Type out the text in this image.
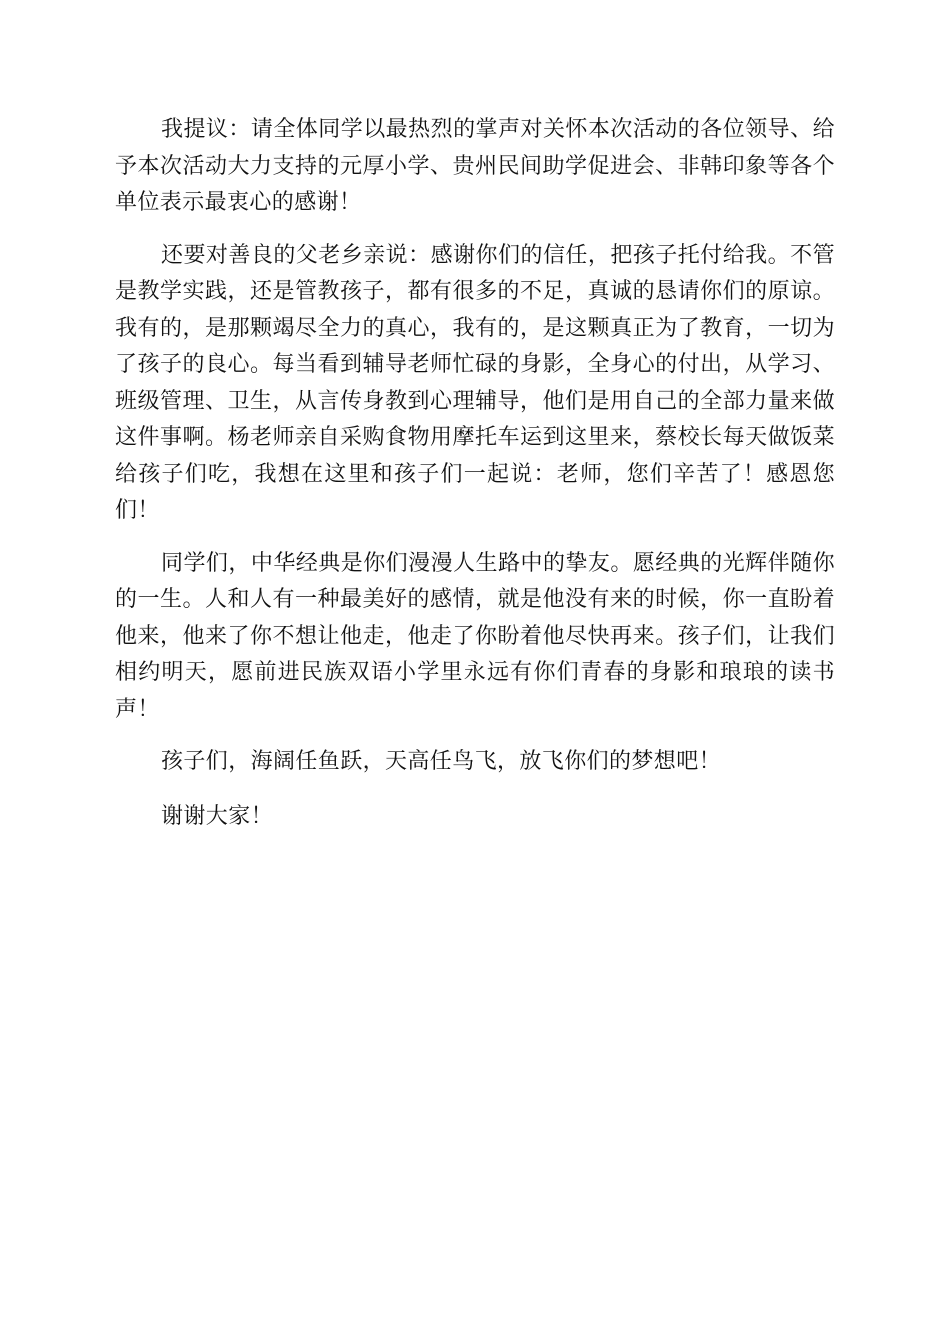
我提议：请全体同学以最热烈的掌声对关怀本次活动的各位领导、给予本次活动大力支持的元厚小学、贵州民间助学促进会、非韩印象等各个单位表示最衷心的感谢！

还要对善良的父老乡亲说：感谢你们的信任，把孩子托付给我。不管是教学实践，还是管教孩子，都有很多的不足，真诚的恳请你们的原谅。我有的，是那颗竭尽全力的真心，我有的，是这颗真正为了教育，一切为了孩子的良心。每当看到辅导老师忙碌的身影，全身心的付出，从学习、班级管理、卫生，从言传身教到心理辅导，他们是用自己的全部力量来做这件事啊。杨老师亲自采购食物用摩托车运到这里来，蔡校长每天做饭菜给孩子们吃，我想在这里和孩子们一起说：老师，您们辛苦了！感恩您们！

同学们，中华经典是你们漫漫人生路中的挚友。愿经典的光辉伴随你的一生。人和人有一种最美好的感情，就是他没有来的时候，你一直盼着他来，他来了你不想让他走，他走了你盼着他尽快再来。孩子们，让我们相约明天，愿前进民族双语小学里永远有你们青春的身影和琅琅的读书声！

孩子们，海阔任鱼跃，天高任鸟飞，放飞你们的梦想吧！

谢谢大家！
